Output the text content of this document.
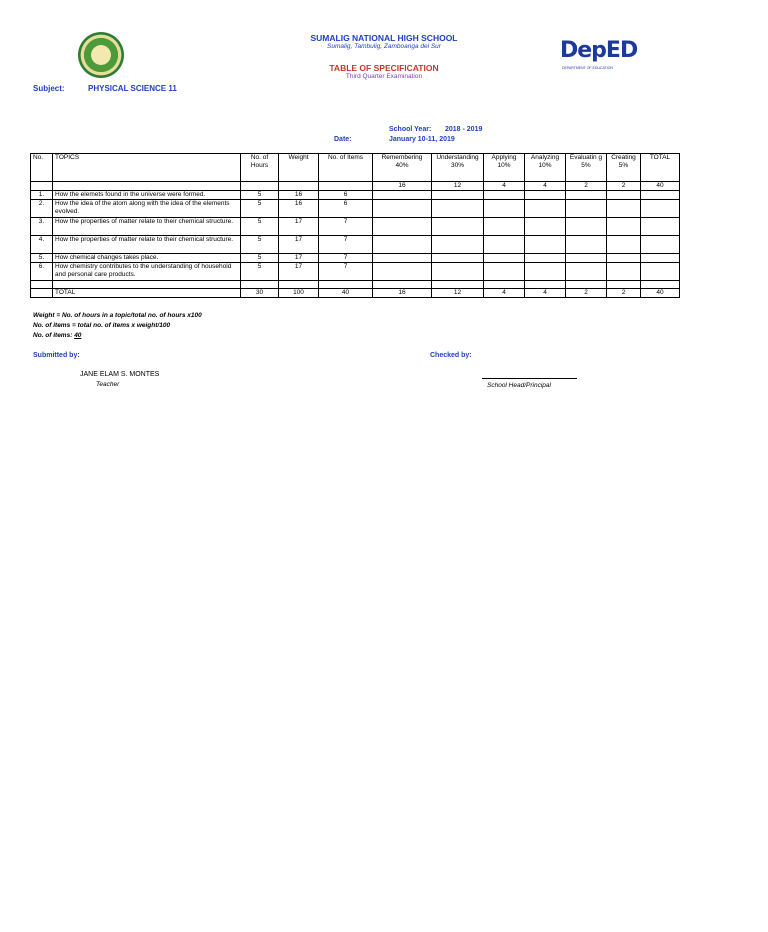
SUMALIG NATIONAL HIGH SCHOOL
Sumalig, Tambulig, Zamboanga del Sur
TABLE OF SPECIFICATION
Third Quarter Examination
DepED
DEPARTMENT OF EDUCATION
Subject:	PHYSICAL SCIENCE 11
School Year: 2018 - 2019
Date:	January 10-11, 2019
No.	TOPICS	No. of Hours	Weight	No. of Items	Remembering 40%	Understanding 30%	Applying 10%	Analyzing 10%	Evaluatin g 5%	Creating 5%	TOTAL
					16	12	4	4	2	2	40
1.	How the elemets found in the universe were formed.	5	16	6							
2.	How the idea of the atom along with the idea of the elements evolved.	5	16	6							
3.	How the properties of matter relate to their chemical structure.	5	17	7							
4.	How the properties of matter relate to their chemical structure.	5	17	7							
5.	How chemical changes takes place.	5	17	7							
6.	How chemistry contributes to the understanding of household and personal care products.	5	17	7							

	TOTAL	30	100	40	16	12	4	4	2	2	40
Weight = No. of hours in a topic/total no. of hours x100
No. of items = total no. of items x weight/100
No. of items: 40
Submitted by:	Checked by:
JANE ELAM S. MONTES
Teacher	School Head/Principal
